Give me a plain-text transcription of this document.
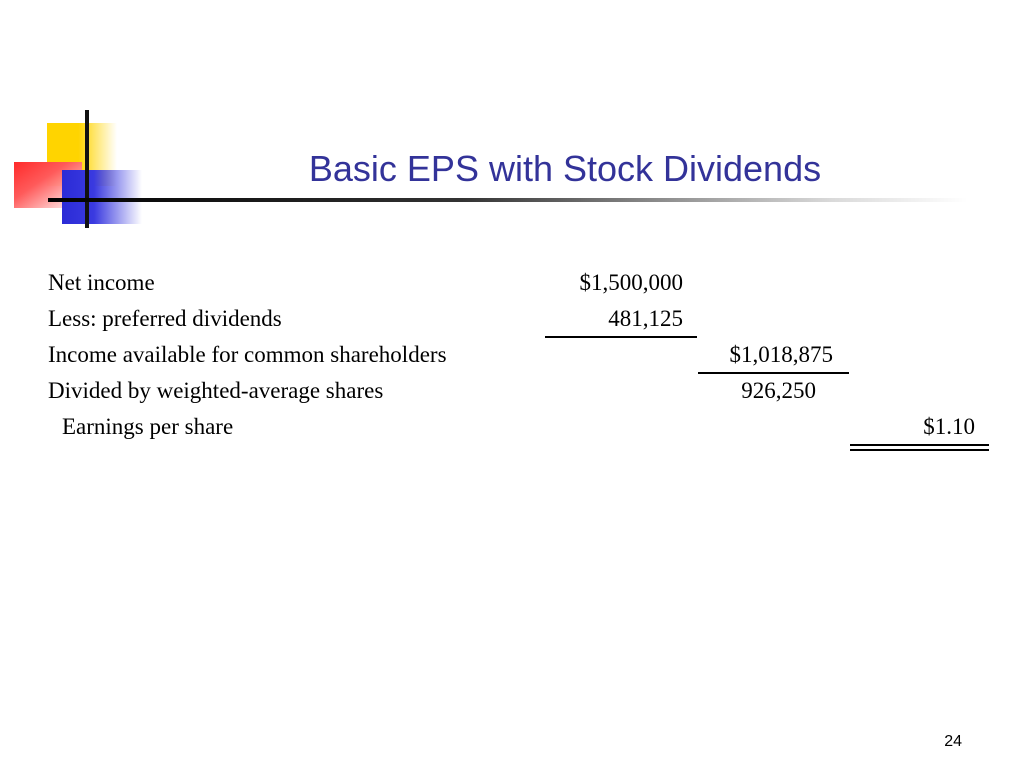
Basic EPS with Stock Dividends
Net income	$1,500,000
Less: preferred dividends	481,125
Income available for common shareholders	$1,018,875
Divided by weighted-average shares	926,250
Earnings per share	$1.10
24
